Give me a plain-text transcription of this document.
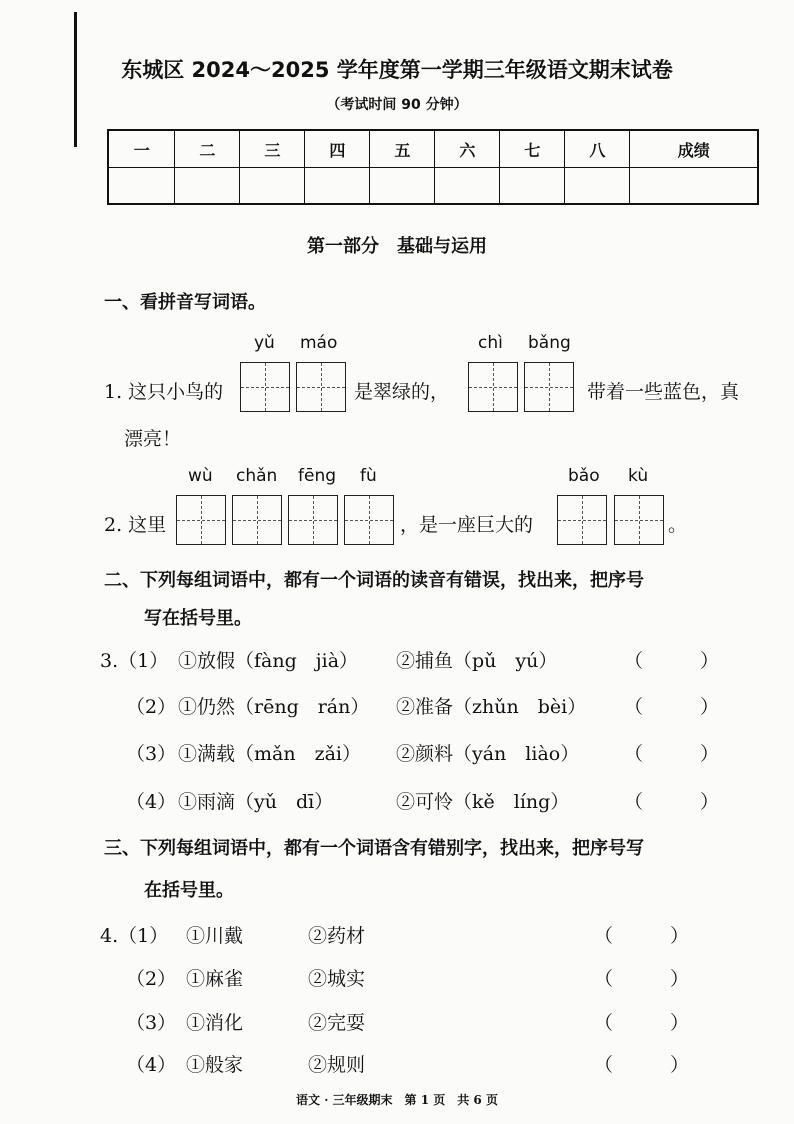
东城区 2024～2025 学年度第一学期三年级语文期末试卷
（考试时间 90 分钟）
一	二	三	四	五	六	七	八	成绩

第一部分　基础与运用
一、看拼音写词语。
yǔ máo	chì bǎng
1. 这只小鸟的	是翠绿的，	带着一些蓝色，真
漂亮！
wù chǎn fēng fù	bǎo kù
2. 这里	，是一座巨大的	。
二、下列每组词语中，都有一个词语的读音有错误，找出来，把序号
写在括号里。
3.（1） ①放假（fàng　jià） ②捕鱼（pǔ　yú）	（　　　）
（2） ①仍然（rēng　rán） ②准备（zhǔn　bèi） （　　　）
（3） ①满载（mǎn　zǎi） ②颜料（yán　liào） （　　　）
（4） ①雨滴（yǔ　dī）	②可怜（kě　líng）	（　　　）
三、下列每组词语中，都有一个词语含有错别字，找出来，把序号写
在括号里。
4.（1） ①川戴	②药材	（　　　）
（2） ①麻雀	②城实	（　　　）
（3） ①消化	②完耍	（　　　）
（4） ①般家	②规则	（　　　）
语文 · 三年级期末　第 1 页　共 6 页
